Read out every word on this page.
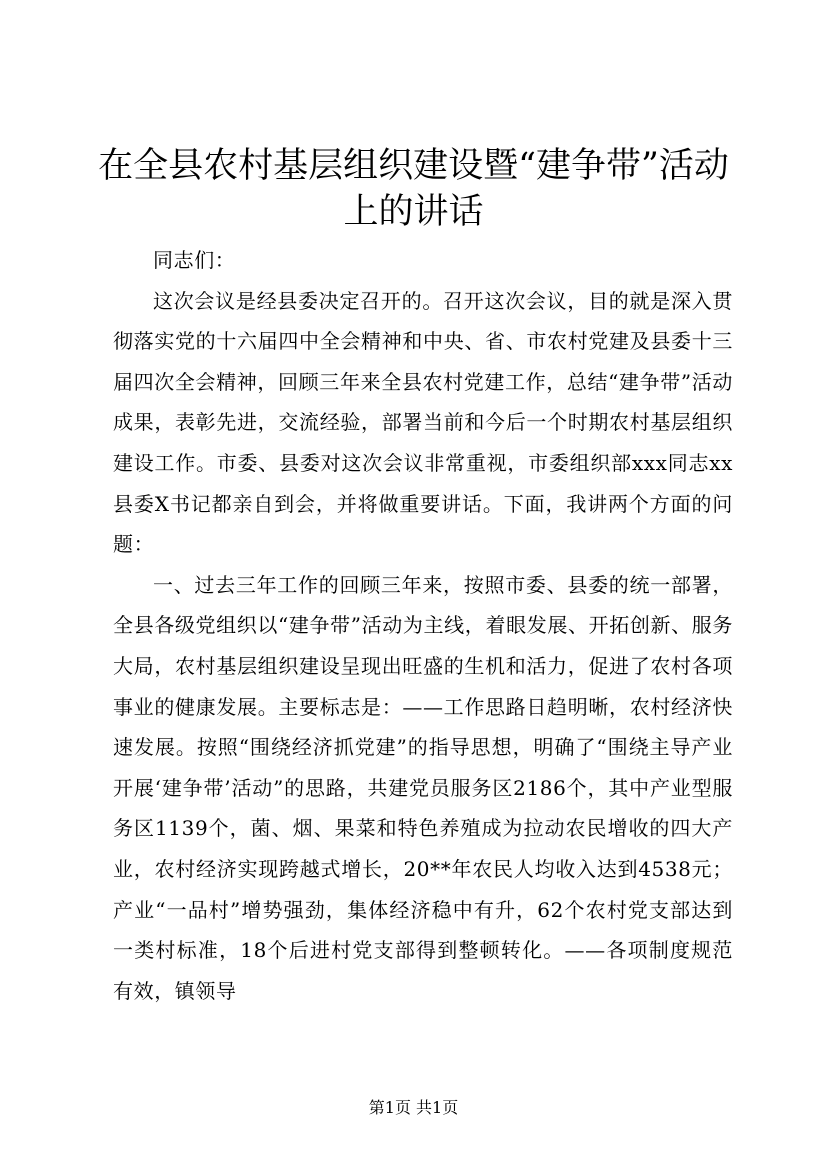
在全县农村基层组织建设暨“建争带”活动上的讲话

同志们：

这次会议是经县委决定召开的。召开这次会议，目的就是深入贯彻落实党的十六届四中全会精神和中央、省、市农村党建及县委十三届四次全会精神，回顾三年来全县农村党建工作，总结“建争带”活动成果，表彰先进，交流经验，部署当前和今后一个时期农村基层组织建设工作。市委、县委对这次会议非常重视，市委组织部xxx同志xx县委X书记都亲自到会，并将做重要讲话。下面，我讲两个方面的问题：

一、过去三年工作的回顾三年来，按照市委、县委的统一部署，全县各级党组织以“建争带”活动为主线，着眼发展、开拓创新、服务大局，农村基层组织建设呈现出旺盛的生机和活力，促进了农村各项事业的健康发展。主要标志是：——工作思路日趋明晰，农村经济快速发展。按照“围绕经济抓党建”的指导思想，明确了“围绕主导产业开展‘建争带’活动”的思路，共建党员服务区2186个，其中产业型服务区1139个，菌、烟、果菜和特色养殖成为拉动农民增收的四大产业，农村经济实现跨越式增长，20**年农民人均收入达到4538元；产业“一品村”增势强劲，集体经济稳中有升，62个农村党支部达到一类村标准，18个后进村党支部得到整顿转化。——各项制度规范有效，镇领导

第1页 共1页
